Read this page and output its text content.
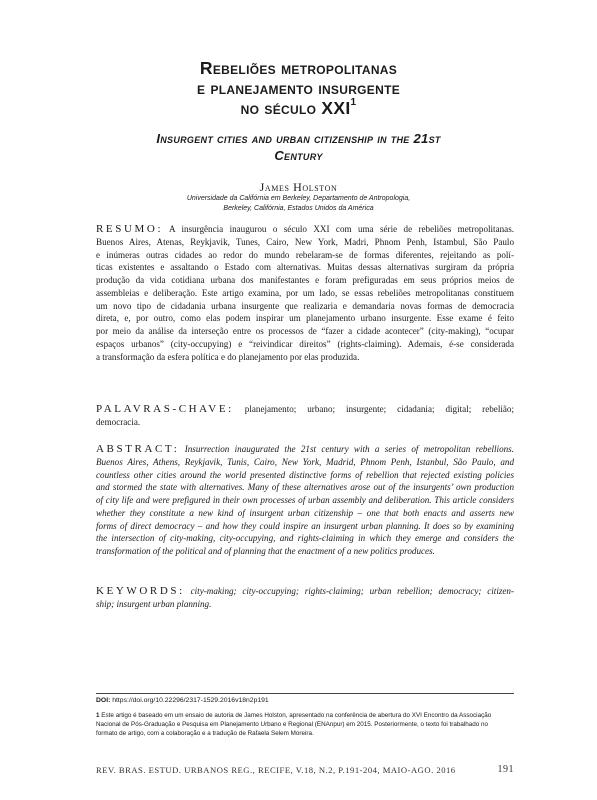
Rebeliões metropolitanas
e planejamento insurgente
no século XXI$^1$
Insurgent cities and urban citizenship in the 21st
Century
James Holston
Universidade da Califórnia em Berkeley, Departamento de Antropologia,
Berkeley, Califórnia, Estados Unidos da América
RESUMO: A insurgência inaugurou o século XXI com uma série de rebeliões metropolitanas.
Buenos Aires, Atenas, Reykjavik, Tunes, Cairo, New York, Madri, Phnom Penh, Istambul, São Paulo
e inúmeras outras cidades ao redor do mundo rebelaram-se de formas diferentes, rejeitando as polí-
ticas existentes e assaltando o Estado com alternativas. Muitas dessas alternativas surgiram da própria
produção da vida cotidiana urbana dos manifestantes e foram prefiguradas em seus próprios meios de
assembleias e deliberação. Este artigo examina, por um lado, se essas rebeliões metropolitanas constituem
um novo tipo de cidadania urbana insurgente que realizaria e demandaria novas formas de democracia
direta, e, por outro, como elas podem inspirar um planejamento urbano insurgente. Esse exame é feito
por meio da análise da interseção entre os processos de “fazer a cidade acontecer” (city-making), “ocupar
espaços urbanos” (city-occupying) e “reivindicar direitos” (rights-claiming). Ademais, é-se considerada
a transformação da esfera política e do planejamento por elas produzida.
PALAVRAS-CHAVE: planejamento; urbano; insurgente; cidadania; digital; rebelião;
democracia.
ABSTRACT: Insurrection inaugurated the 21st century with a series of metropolitan rebellions.
Buenos Aires, Athens, Reykjavik, Tunis, Cairo, New York, Madrid, Phnom Penh, Istanbul, São Paulo, and
countless other cities around the world presented distinctive forms of rebellion that rejected existing policies
and stormed the state with alternatives. Many of these alternatives arose out of the insurgents’ own production
of city life and were prefigured in their own processes of urban assembly and deliberation. This article considers
whether they constitute a new kind of insurgent urban citizenship – one that both enacts and asserts new
forms of direct democracy – and how they could inspire an insurgent urban planning. It does so by examining
the intersection of city-making, city-occupying, and rights-claiming in which they emerge and considers the
transformation of the political and of planning that the enactment of a new politics produces.
KEYWORDS: city-making; city-occupying; rights-claiming; urban rebellion; democracy; citizen-
ship; insurgent urban planning.
DOI: https://doi.org/10.22296/2317-1529.2016v18n2p191
1 Este artigo é baseado em um ensaio de autoria de James Holston, apresentado na conferência de abertura do XVI Encontro da Associação
Nacional de Pós-Graduação e Pesquisa em Planejamento Urbano e Regional (ENAnpur) em 2015. Posteriormente, o texto foi trabalhado no
formato de artigo, com a colaboração e a tradução de Rafaela Selem Moreira.
REV. BRAS. ESTUD. URBANOS REG., RECIFE, V.18, N.2, P.191-204, MAIO-AGO. 2016	191
